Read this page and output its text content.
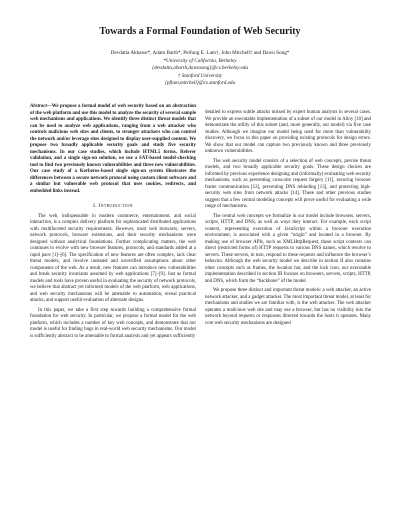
Towards a Formal Foundation of Web Security
Devdatta Akhawe*, Adam Barth*, Peifung E. Lam†, John Mitchell† and Dawn Song*
*University of California, Berkeley
{devdatta,abarth,dawnsong}@cs.berkeley.edu
† Stanford University
{pflam,mitchell}@cs.stanford.edu

Abstract—We propose a formal model of web security based on an abstraction of the web platform and use this model to analyze the security of several sample web mechanisms and applications. We identify three distinct threat models that can be used to analyze web applications, ranging from a web attacker who controls malicious web sites and clients, to stronger attackers who can control the network and/or leverage sites designed to display user-supplied content. We propose two broadly applicable security goals and study five security mechanisms. In our case studies, which include HTML5 forms, Referer validation, and a single sign-on solution, we use a SAT-based model-checking tool to find two previously known vulnerabilities and three new vulnerabilities. Our case study of a Kerberos-based single sign-on system illustrates the differences between a secure network protocol using custom client software and a similar but vulnerable web protocol that uses cookies, redirects, and embedded links instead.

I. Introduction

The web, indispensable in modern commerce, entertainment, and social interaction, is a complex delivery platform for sophisticated distributed applications with multifaceted security requirements. However, most web browsers, servers, network protocols, browser extensions, and their security mechanisms were designed without analytical foundations. Further complicating matters, the web continues to evolve with new browser features, protocols, and standards added at a rapid pace [1]–[6]. The specification of new features are often complex, lack clear threat models, and involve unstated and unverified assumptions about other components of the web. As a result, new features can introduce new vulnerabilities and break security invariants assumed by web applications [7]–[9]. Just as formal models and tools have proven useful in evaluating the security of network protocols, we believe that abstract yet informed models of the web platform, web applications, and web security mechanisms will be amenable to automation, reveal practical attacks, and support useful evaluation of alternate designs.

In this paper, we take a first step towards building a comprehensive formal foundation for web security. In particular, we propose a formal model for the web platform, which includes a number of key web concepts, and demonstrate that our model is useful for finding bugs in real-world web security mechanisms. Our model is sufficiently abstract to be amenable to formal analysis and yet appears sufficiently

detailed to express subtle attacks missed by expert human analysts in several cases. We provide an executable implementation of a subset of our model in Alloy [10] and demonstrate the utility of this subset (and, more generally, our model) via five case studies. Although we imagine our model being used for more than vulnerability discovery, we focus in this paper on providing existing protocols for design errors. We show that our model can capture two previously known and three previously unknown vulnerabilities.

The web security model consists of a selection of web concepts, precise threat models, and two broadly applicable security goals. These design choices are informed by previous experience designing and (informally) evaluating web security mechanisms, such as preventing cross-site request forgery [11], securing browser frame communication [12], preventing DNS rebinding [13], and protecting high-security web sites from network attacks [14]. These and other previous studies suggest that a few central modeling concepts will prove useful for evaluating a wide range of mechanisms.

The central web concepts we formalize in our model include browsers, servers, scripts, HTTP, and DNS, as well as ways they interact. For example, each script context, representing execution of JavaScript within a browser execution environment, is associated with a given “origin” and located in a browser. By making use of browser APIs, such as XMLHttpRequest, those script contexts can direct (restricted forms of) HTTP requests to various DNS names, which resolve to servers. These servers, in turn, respond to these requests and influence the browser’s behavior. Although the web security model we describe in section II also contains other concepts such as frames, the location bar, and the lock icon, our executable implementation described in section III focuses on browsers, servers, scripts, HTTP, and DNS, which form the “backbone” of the model.

We propose three distinct and important threat models: a web attacker, an active network attacker, and a gadget attacker. The most important threat model, at least for mechanisms and studies we are familiar with, is the web attacker. The web attacker operates a malicious web site and may use a browser, but has no visibility into the network beyond requests or responses directed towards the hosts it operates. Many core web security mechanisms are designed
